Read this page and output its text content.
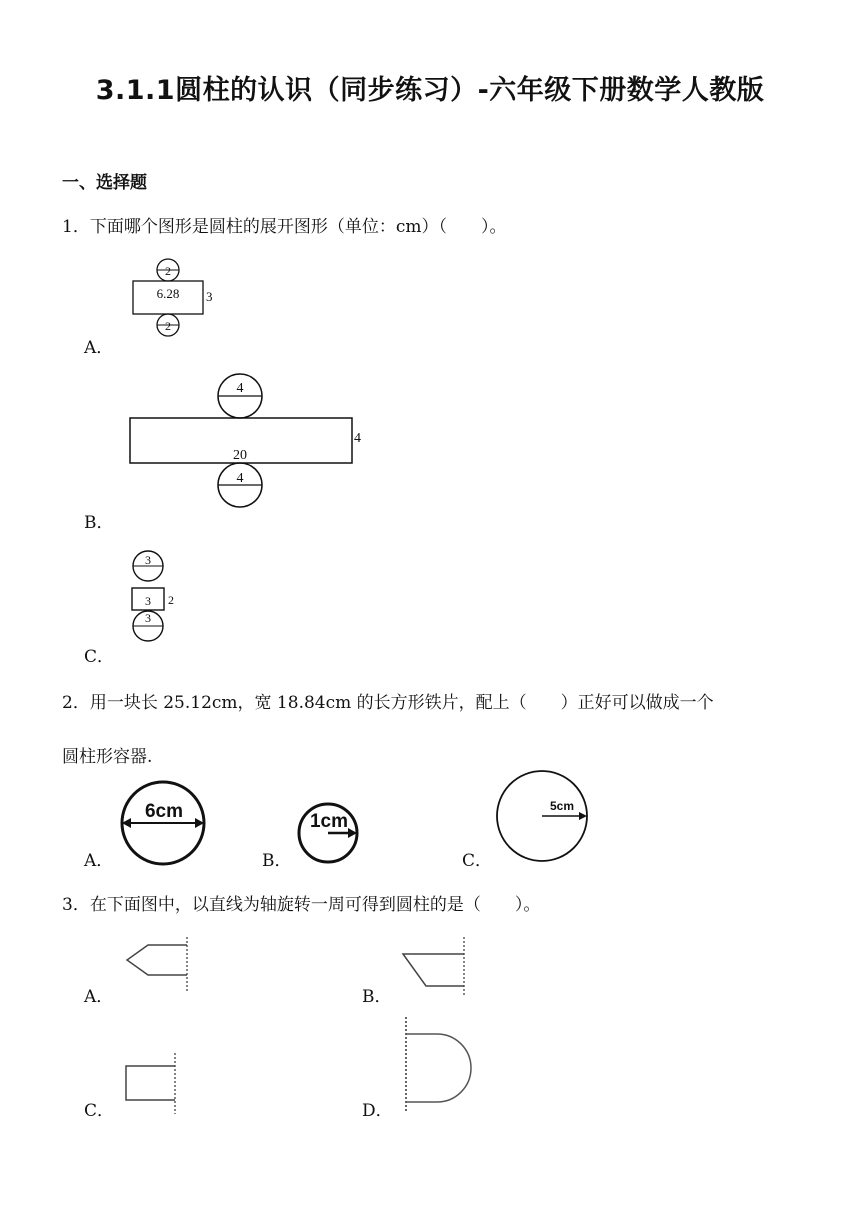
3.1.1圆柱的认识（同步练习）-六年级下册数学人教版
一、选择题
1．下面哪个图形是圆柱的展开图形（单位：cm）（　　）。
2
6.28 3
2
A．
4
20
4
4
B．
3
3 2
3
C．
2．用一块长 25.12cm，宽 18.84cm 的长方形铁片，配上（　　）正好可以做成一个
圆柱形容器.
A．
6cm
B．
1cm
C．
5cm
3．在下面图中，以直线为轴旋转一周可得到圆柱的是（　　）。
A．	B．
C．	D．
